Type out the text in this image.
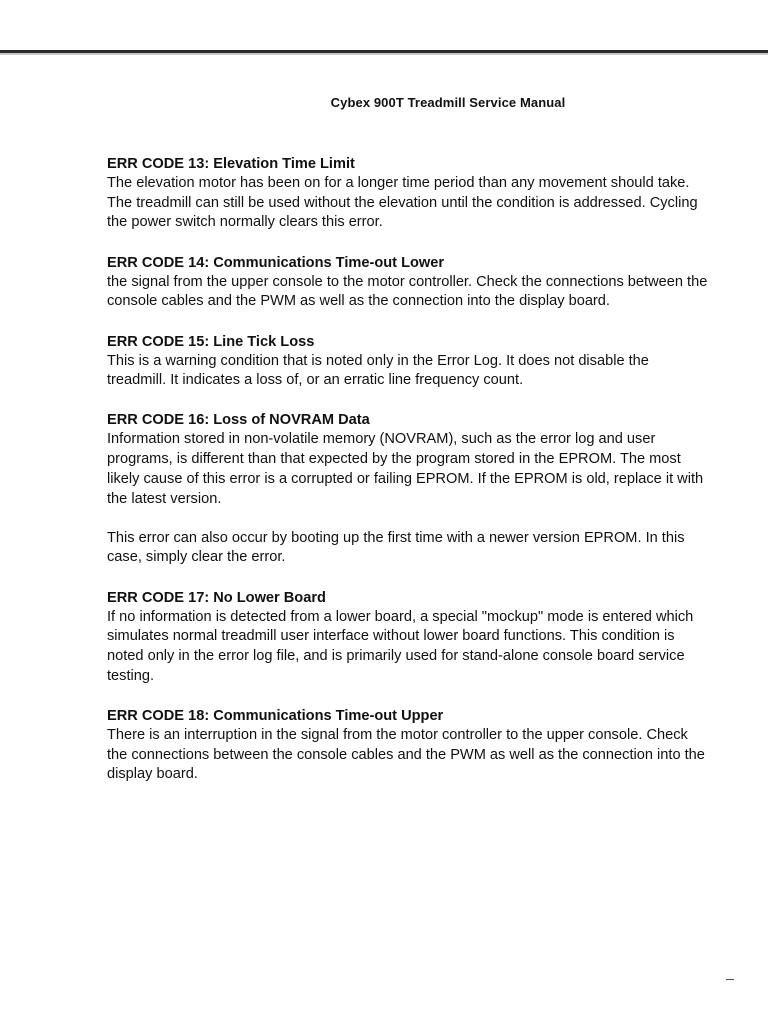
Cybex 900T Treadmill Service Manual
ERR CODE 13: Elevation Time Limit
The elevation motor has been on for a longer time period than any movement should take.
The treadmill can still be used without the elevation until the condition is addressed. Cycling
the power switch normally clears this error.
ERR CODE 14: Communications Time-out Lower
the signal from the upper console to the motor controller. Check the connections between the
console cables and the PWM as well as the connection into the display board.
ERR CODE 15: Line Tick Loss
This is a warning condition that is noted only in the Error Log. It does not disable the
treadmill. It indicates a loss of, or an erratic line frequency count.
ERR CODE 16: Loss of NOVRAM Data
Information stored in non-volatile memory (NOVRAM), such as the error log and user
programs, is different than that expected by the program stored in the EPROM. The most
likely cause of this error is a corrupted or failing EPROM. If the EPROM is old, replace it with
the latest version.
This error can also occur by booting up the first time with a newer version EPROM. In this
case, simply clear the error.
ERR CODE 17: No Lower Board
If no information is detected from a lower board, a special "mockup" mode is entered which
simulates normal treadmill user interface without lower board functions. This condition is
noted only in the error log file, and is primarily used for stand-alone console board service
testing.
ERR CODE 18: Communications Time-out Upper
There is an interruption in the signal from the motor controller to the upper console. Check
the connections between the console cables and the PWM as well as the connection into the
display board.
